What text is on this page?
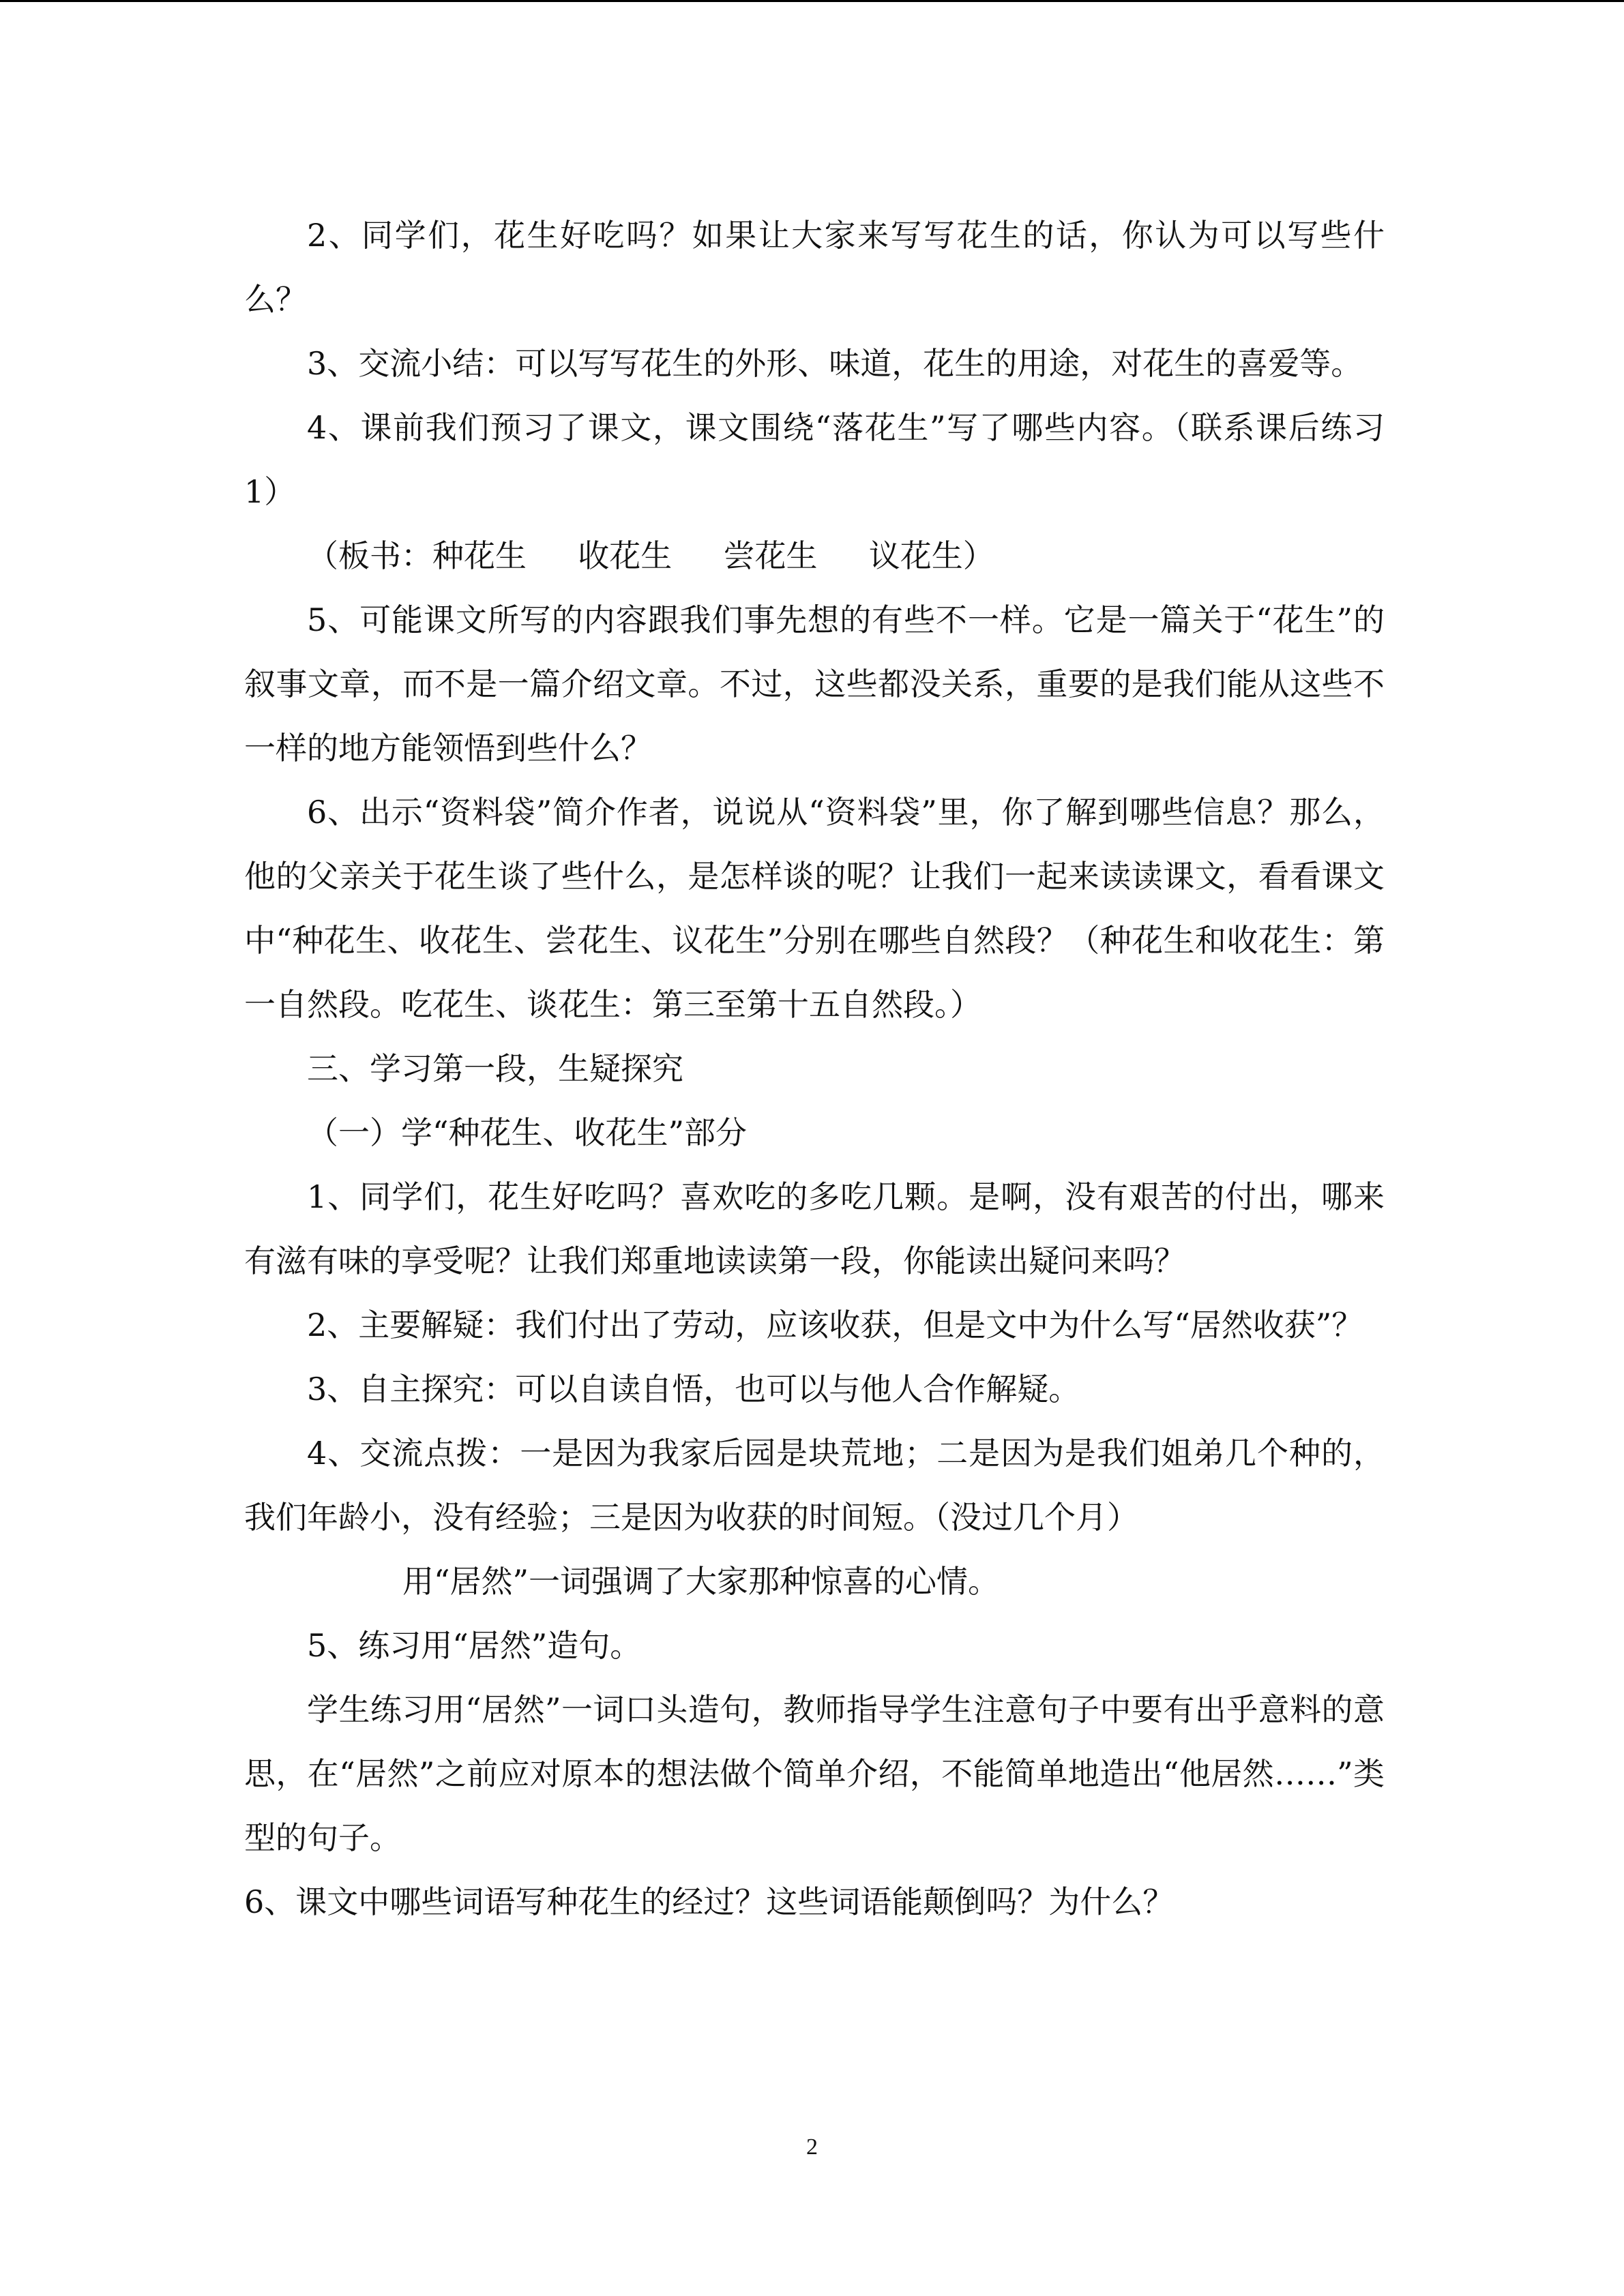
2、同学们，花生好吃吗？如果让大家来写写花生的话，你认为可以写些什么？

3、交流小结：可以写写花生的外形、味道，花生的用途，对花生的喜爱等。

4、课前我们预习了课文，课文围绕“落花生”写了哪些内容。（联系课后练习 1）

（板书：种花生 　 收花生 　 尝花生 　 议花生）

5、可能课文所写的内容跟我们事先想的有些不一样。它是一篇关于“花生”的叙事文章，而不是一篇介绍文章。不过，这些都没关系，重要的是我们能从这些不一样的地方能领悟到些什么？

6、出示“资料袋”简介作者，说说从“资料袋”里，你了解到哪些信息？那么，他的父亲关于花生谈了些什么，是怎样谈的呢？让我们一起来读读课文，看看课文中“种花生、收花生、尝花生、议花生”分别在哪些自然段？（种花生和收花生：第一自然段。吃花生、谈花生：第三至第十五自然段。）

三、学习第一段，生疑探究

（一）学“种花生、收花生”部分

1、同学们，花生好吃吗？喜欢吃的多吃几颗。是啊，没有艰苦的付出，哪来有滋有味的享受呢？让我们郑重地读读第一段，你能读出疑问来吗？

2、主要解疑：我们付出了劳动，应该收获，但是文中为什么写“居然收获”？

3、自主探究：可以自读自悟，也可以与他人合作解疑。

4、交流点拨：一是因为我家后园是块荒地；二是因为是我们姐弟几个种的，我们年龄小，没有经验；三是因为收获的时间短。（没过几个月）

用“居然”一词强调了大家那种惊喜的心情。

5、练习用“居然”造句。

学生练习用“居然”一词口头造句，教师指导学生注意句子中要有出乎意料的意思，在“居然”之前应对原本的想法做个简单介绍，不能简单地造出“他居然……”类型的句子。

6、课文中哪些词语写种花生的经过？这些词语能颠倒吗？为什么？

2
